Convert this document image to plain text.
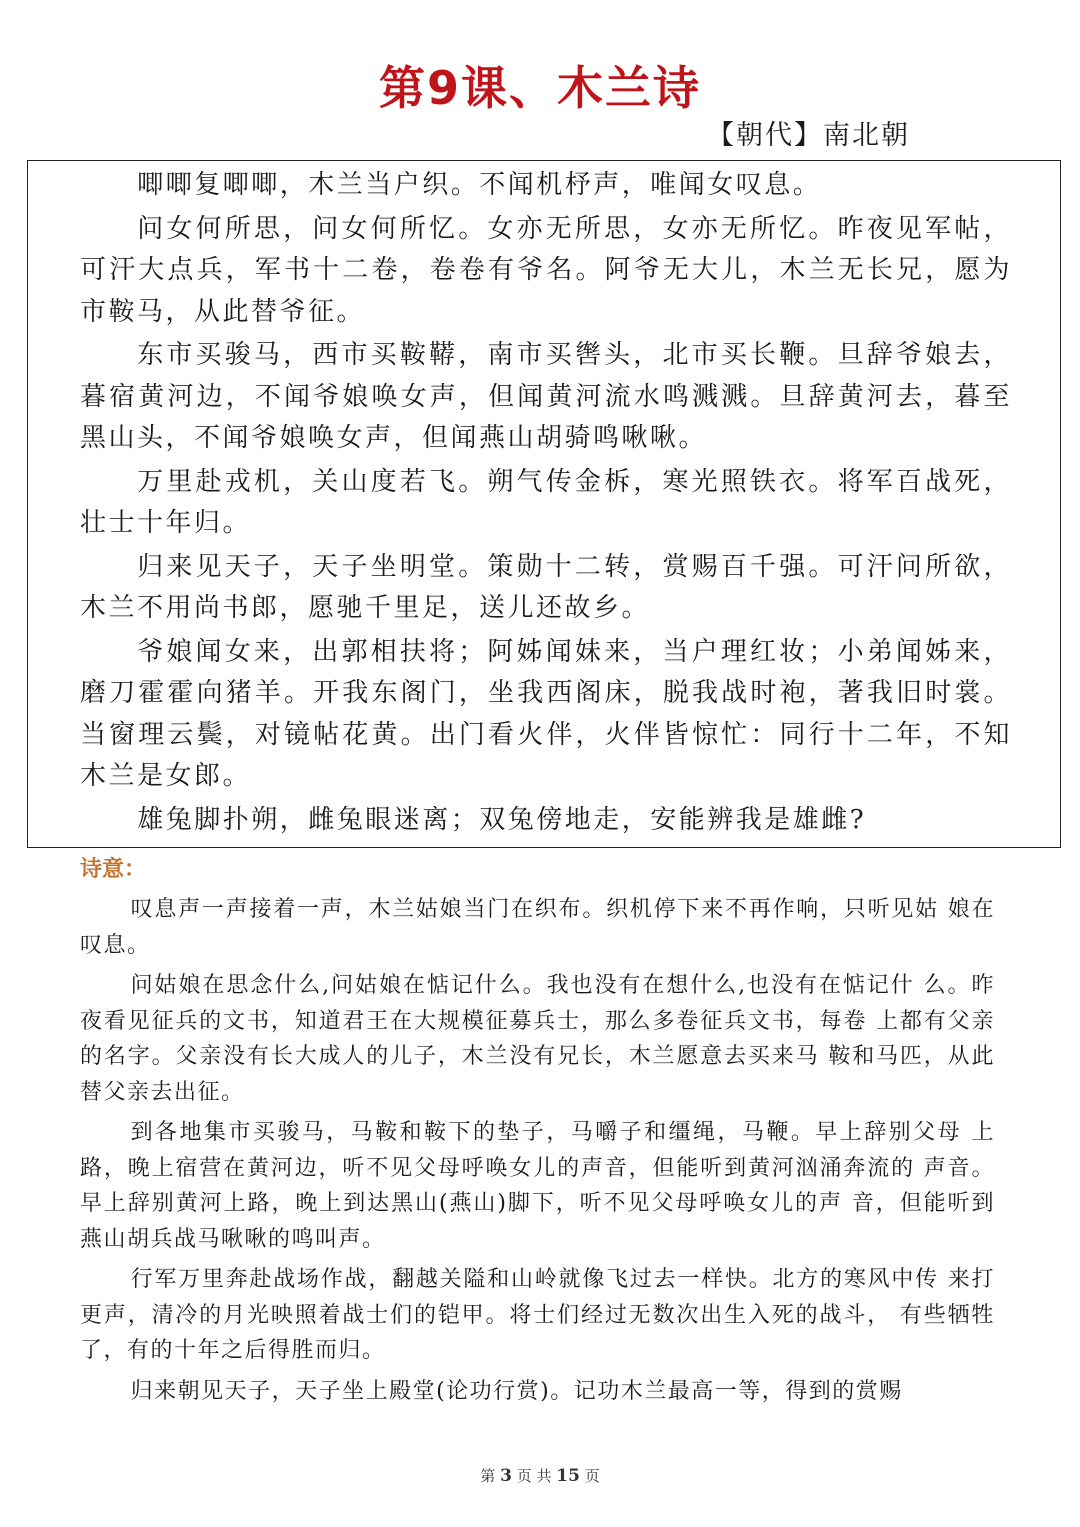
第9课、木兰诗
【朝代】南北朝

唧唧复唧唧，木兰当户织。不闻机杼声，唯闻女叹息。

问女何所思，问女何所忆。女亦无所思，女亦无所忆。昨夜见军帖， 可汗大点兵，军书十二卷，卷卷有爷名。阿爷无大儿，木兰无长兄，愿为 市鞍马，从此替爷征。

东市买骏马，西市买鞍鞯，南市买辔头，北市买长鞭。旦辞爷娘去， 暮宿黄河边，不闻爷娘唤女声，但闻黄河流水鸣溅溅。旦辞黄河去，暮至 黑山头，不闻爷娘唤女声，但闻燕山胡骑鸣啾啾。

万里赴戎机，关山度若飞。朔气传金柝，寒光照铁衣。将军百战死， 壮士十年归。

归来见天子，天子坐明堂。策勋十二转，赏赐百千强。可汗问所欲， 木兰不用尚书郎，愿驰千里足，送儿还故乡。

爷娘闻女来，出郭相扶将；阿姊闻妹来，当户理红妆；小弟闻姊来， 磨刀霍霍向猪羊。开我东阁门，坐我西阁床，脱我战时袍，著我旧时裳。 当窗理云鬓，对镜帖花黄。出门看火伴，火伴皆惊忙：同行十二年，不知 木兰是女郎。

雄兔脚扑朔，雌兔眼迷离；双兔傍地走，安能辨我是雄雌?

诗意：

叹息声一声接着一声，木兰姑娘当门在织布。织机停下来不再作响，只听见姑 娘在叹息。

问姑娘在思念什么,问姑娘在惦记什么。我也没有在想什么,也没有在惦记什 么。昨夜看见征兵的文书，知道君王在大规模征募兵士，那么多卷征兵文书，每卷 上都有父亲的名字。父亲没有长大成人的儿子，木兰没有兄长，木兰愿意去买来马 鞍和马匹，从此替父亲去出征。

到各地集市买骏马，马鞍和鞍下的垫子，马嚼子和缰绳，马鞭。早上辞别父母 上路，晚上宿营在黄河边，听不见父母呼唤女儿的声音，但能听到黄河汹涌奔流的 声音。早上辞别黄河上路，晚上到达黑山(燕山)脚下，听不见父母呼唤女儿的声 音，但能听到燕山胡兵战马啾啾的鸣叫声。

行军万里奔赴战场作战，翻越关隘和山岭就像飞过去一样快。北方的寒风中传 来打更声，清冷的月光映照着战士们的铠甲。将士们经过无数次出生入死的战斗， 有些牺牲了，有的十年之后得胜而归。

归来朝见天子，天子坐上殿堂(论功行赏)。记功木兰最高一等，得到的赏赐

第 3 页 共 15 页
